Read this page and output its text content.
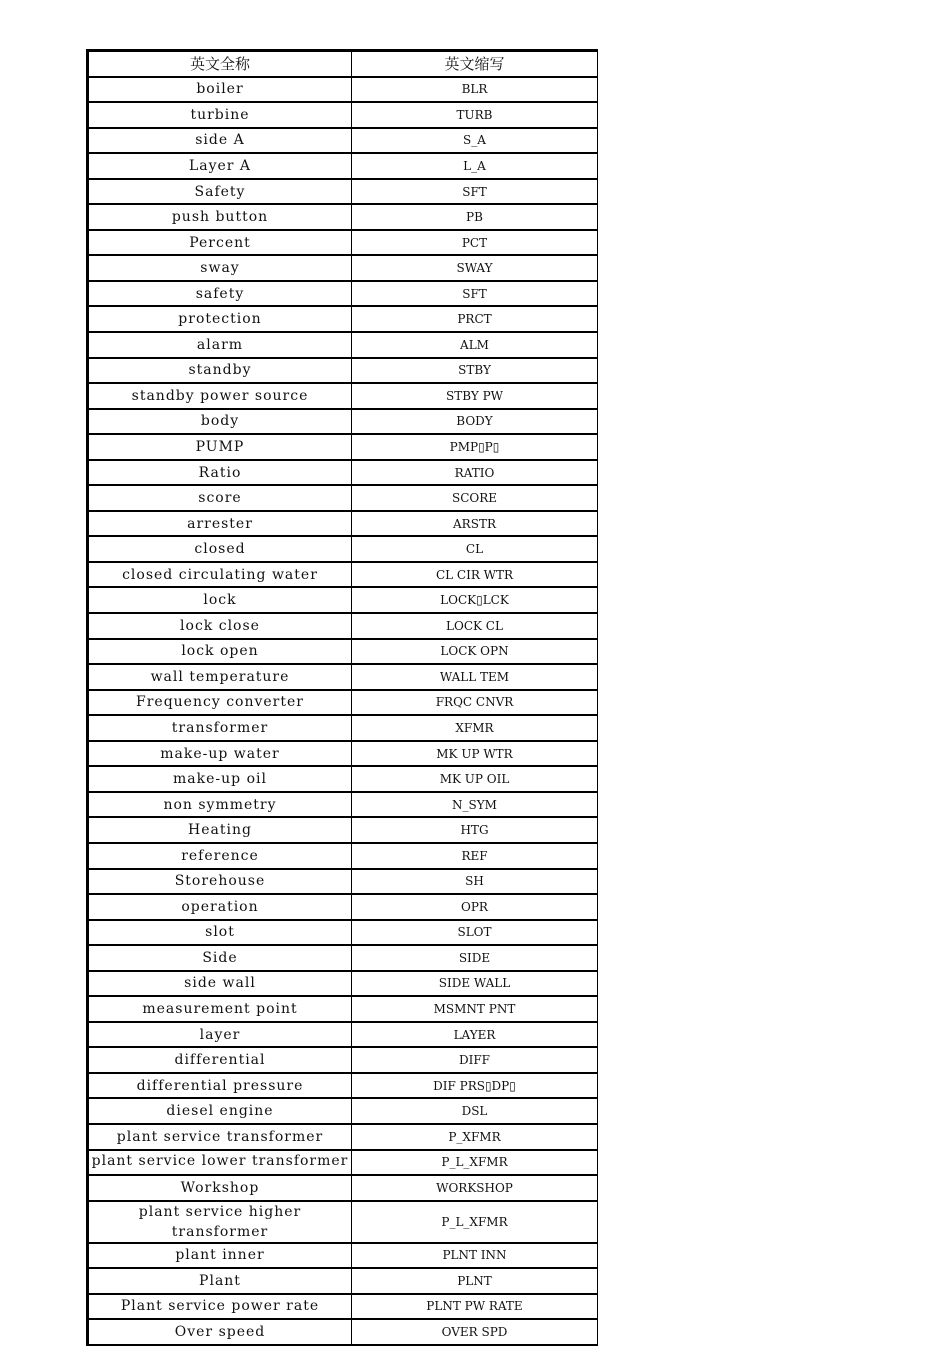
英文全称	英文缩写
boiler	BLR
turbine	TURB
side A	S_A
Layer A	L_A
Safety	SFT
push button	PB
Percent	PCT
sway	SWAY
safety	SFT
protection	PRCT
alarm	ALM
standby	STBY
standby power source	STBY PW
body	BODY
PUMP	PMP▯P▯
Ratio	RATIO
score	SCORE
arrester	ARSTR
closed	CL
closed circulating water	CL CIR WTR
lock	LOCK▯LCK
lock close	LOCK CL
lock open	LOCK OPN
wall temperature	WALL TEM
Frequency converter	FRQC CNVR
transformer	XFMR
make-up water	MK UP WTR
make-up oil	MK UP OIL
non symmetry	N_SYM
Heating	HTG
reference	REF
Storehouse	SH
operation	OPR
slot	SLOT
Side	SIDE
side wall	SIDE WALL
measurement point	MSMNT PNT
layer	LAYER
differential	DIFF
differential pressure	DIF PRS▯DP▯
diesel engine	DSL
plant service transformer	P_XFMR
plant service lower transformer	P_L_XFMR
Workshop	WORKSHOP
plant service higher transformer	P_L_XFMR
plant inner	PLNT INN
Plant	PLNT
Plant service power rate	PLNT PW RATE
Over speed	OVER SPD
